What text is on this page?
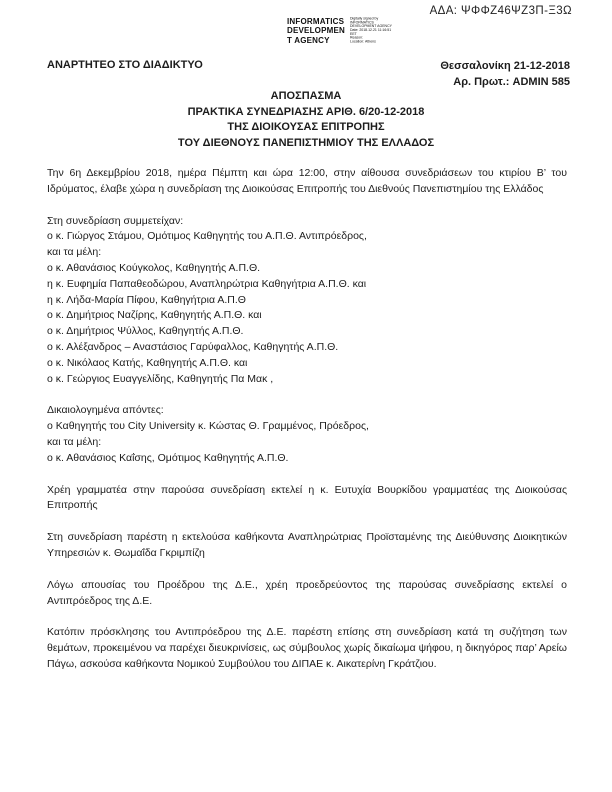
ΑΔΑ: ΨΦΦΖ46ΨΖ3Π-Ξ3Ω
INFORMATICS
DEVELOPMEN
T AGENCY
Digitally signed by
INFORMATICS
DEVELOPMENT AGENCY
Date: 2018.12.21 11:16:51
EET
Reason:
Location: Athens
ΑΝΑΡΤΗΤΕΟ ΣΤΟ ΔΙΑΔΙΚΤΥΟ	Θεσσαλονίκη 21-12-2018
Αρ. Πρωτ.: ADMIN 585
ΑΠΟΣΠΑΣΜΑ
ΠΡΑΚΤΙΚΑ ΣΥΝΕΔΡΙΑΣΗΣ ΑΡΙΘ. 6/20-12-2018
ΤΗΣ ΔΙΟΙΚΟΥΣΑΣ ΕΠΙΤΡΟΠΗΣ
ΤΟΥ ΔΙΕΘΝΟΥΣ ΠΑΝΕΠΙΣΤΗΜΙΟΥ ΤΗΣ ΕΛΛΑΔΟΣ

Την 6η Δεκεμβρίου 2018, ημέρα Πέμπτη και ώρα 12:00, στην αίθουσα συνεδριάσεων του κτιρίου Β’ του Ιδρύματος, έλαβε χώρα η συνεδρίαση της Διοικούσας Επιτροπής του Διεθνούς Πανεπιστημίου της Ελλάδος

Στη συνεδρίαση συμμετείχαν:
ο κ. Γιώργος Στάμου, Ομότιμος Καθηγητής του Α.Π.Θ. Αντιπρόεδρος,
και τα μέλη:
ο κ. Αθανάσιος Κούγκολος, Καθηγητής Α.Π.Θ.
η κ. Ευφημία Παπαθεοδώρου, Αναπληρώτρια Καθηγήτρια Α.Π.Θ. και
η κ. Λήδα-Μαρία Πίφου, Καθηγήτρια Α.Π.Θ
ο κ. Δημήτριος Ναζίρης, Καθηγητής Α.Π.Θ. και
ο κ. Δημήτριος Ψύλλος, Καθηγητής Α.Π.Θ.
ο κ. Αλέξανδρος – Αναστάσιος Γαρύφαλλος, Καθηγητής Α.Π.Θ.
ο κ. Νικόλαος Κατής, Καθηγητής Α.Π.Θ. και
ο κ. Γεώργιος Ευαγγελίδης, Καθηγητής Πα Μακ ,
Δικαιολογημένα απόντες:
ο Καθηγητής του City University κ. Κώστας Θ. Γραμμένος, Πρόεδρος,
και τα μέλη:
ο κ. Αθανάσιος Καΐσης, Ομότιμος Καθηγητής Α.Π.Θ.

Χρέη γραμματέα στην παρούσα συνεδρίαση εκτελεί η κ. Ευτυχία Βουρκίδου γραμματέας της Διοικούσας Επιτροπής

Στη συνεδρίαση παρέστη η εκτελούσα καθήκοντα Αναπληρώτριας Προϊσταμένης της Διεύθυνσης Διοικητικών Υπηρεσιών κ. Θωμαΐδα Γκριμπίζη

Λόγω απουσίας του Προέδρου της Δ.Ε., χρέη προεδρεύοντος της παρούσας συνεδρίασης εκτελεί ο Αντιπρόεδρος της Δ.Ε.

Κατόπιν πρόσκλησης του Αντιπρόεδρου της Δ.Ε. παρέστη επίσης στη συνεδρίαση κατά τη συζήτηση των θεμάτων, προκειμένου να παρέχει διευκρινίσεις, ως σύμβουλος χωρίς δικαίωμα ψήφου, η δικηγόρος παρ’ Αρείω Πάγω, ασκούσα καθήκοντα Νομικού Συμβούλου του ΔΙΠΑΕ κ. Αικατερίνη Γκράτζιου.
